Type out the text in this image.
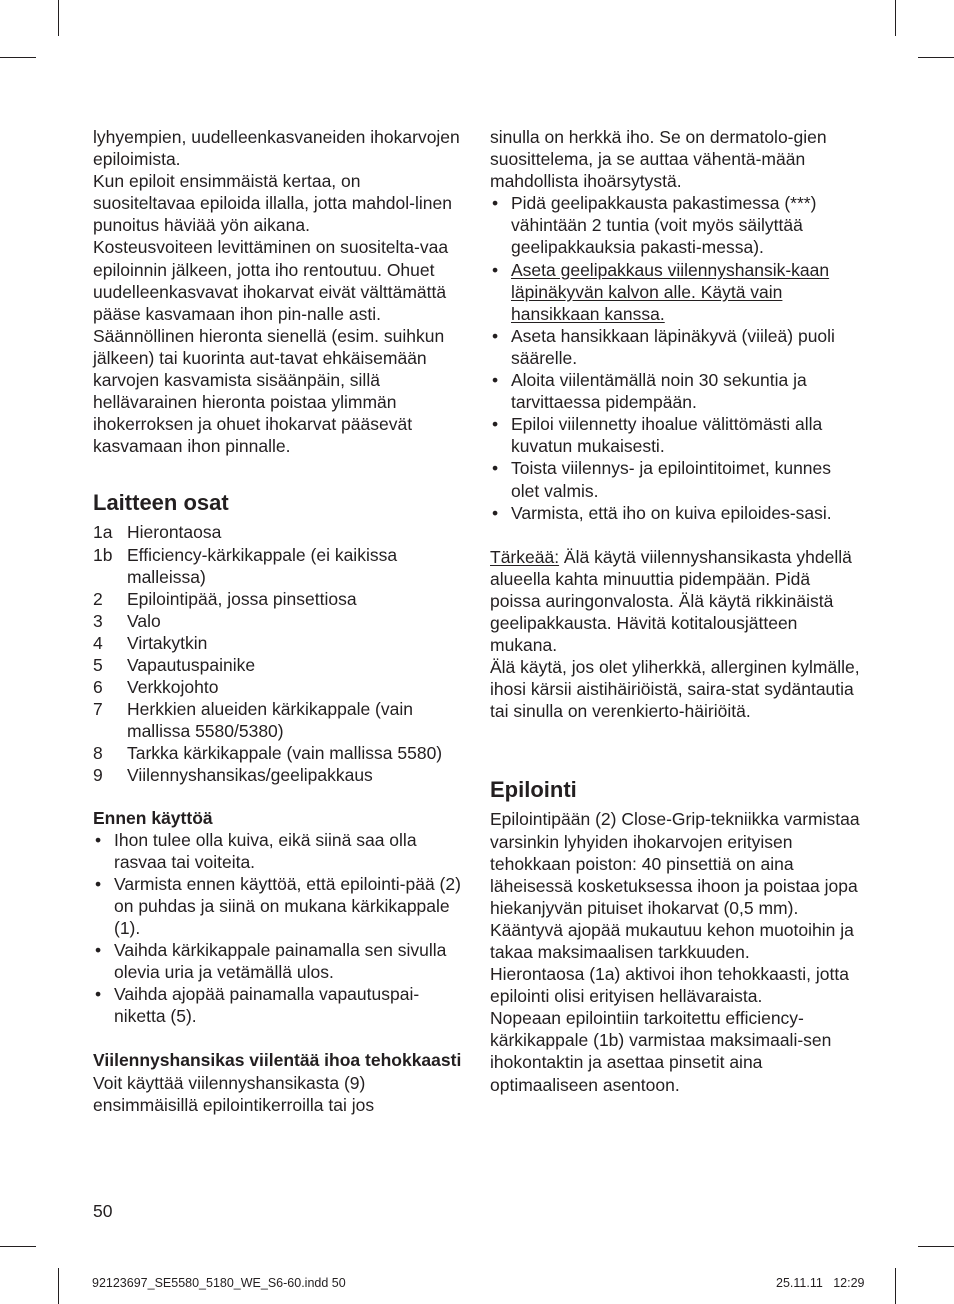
lyhyempien, uudelleenkasvaneiden ihokarvojen epiloimista.

Kun epiloit ensimmäistä kertaa, on suositeltavaa epiloida illalla, jotta mahdol-linen punoitus häviää yön aikana.

Kosteusvoiteen levittäminen on suositelta-vaa epiloinnin jälkeen, jotta iho rentoutuu. Ohuet uudelleenkasvavat ihokarvat eivät välttämättä pääse kasvamaan ihon pin-nalle asti. Säännöllinen hieronta sienellä (esim. suihkun jälkeen) tai kuorinta aut-tavat ehkäisemään karvojen kasvamista sisäänpäin, sillä hellävarainen hieronta poistaa ylimmän ihokerroksen ja ohuet ihokarvat pääsevät kasvamaan ihon pinnalle.

Laitteen osat
1a Hierontaosa
1b Efficiency-kärkikappale (ei kaikissa malleissa)
2	Epilointipää, jossa pinsettiosa
3	Valo
4	Virtakytkin
5	Vapautuspainike
6	Verkkojohto
7	Herkkien alueiden kärkikappale (vain mallissa 5580/5380)
8	Tarkka kärkikappale (vain mallissa 5580)
9	Viilennyshansikas/geelipakkaus
Ennen käyttöä
• Ihon tulee olla kuiva, eikä siinä saa olla rasvaa tai voiteita.
• Varmista ennen käyttöä, että epilointi-pää (2) on puhdas ja siinä on mukana kärkikappale (1).
• Vaihda kärkikappale painamalla sen sivulla olevia uria ja vetämällä ulos.
• Vaihda ajopää painamalla vapautuspai-niketta (5).
Viilennyshansikas viilentää ihoa tehokkaasti

Voit käyttää viilennyshansikasta (9) ensimmäisillä epilointikerroilla tai jos

sinulla on herkkä iho. Se on dermatolo-gien suosittelema, ja se auttaa vähentä-mään mahdollista ihoärsytystä.

• Pidä geelipakkausta pakastimessa (***) vähintään 2 tuntia (voit myös säilyttää geelipakkauksia pakasti-messa).
• Aseta geelipakkaus viilennyshansik-kaan läpinäkyvän kalvon alle. Käytä vain hansikkaan kanssa.
• Aseta hansikkaan läpinäkyvä (viileä) puoli säärelle.
• Aloita viilentämällä noin 30 sekuntia ja tarvittaessa pidempään.
• Epiloi viilennetty ihoalue välittömästi alla kuvatun mukaisesti.
• Toista viilennys- ja epilointitoimet, kunnes olet valmis.
• Varmista, että iho on kuiva epiloides-sasi.

Tärkeää: Älä käytä viilennyshansikasta yhdellä alueella kahta minuuttia pidempään. Pidä poissa auringonvalosta. Älä käytä rikkinäistä geelipakkausta. Hävitä kotitalousjätteen mukana.

Älä käytä, jos olet yliherkkä, allerginen kylmälle, ihosi kärsii aistihäiriöistä, saira-stat sydäntautia tai sinulla on verenkierto-häiriöitä.

Epilointi

Epilointipään (2) Close-Grip-tekniikka varmistaa varsinkin lyhyiden ihokarvojen erityisen tehokkaan poiston: 40 pinsettiä on aina läheisessä kosketuksessa ihoon ja poistaa jopa hiekanjyvän pituiset ihokarvat (0,5 mm). Kääntyvä ajopää mukautuu kehon muotoihin ja takaa maksimaalisen tarkkuuden.

Hierontaosa (1a) aktivoi ihon tehokkaasti, jotta epilointi olisi erityisen hellävaraista.

Nopeaan epilointiin tarkoitettu efficiency-kärkikappale (1b) varmistaa maksimaali-sen ihokontaktin ja asettaa pinsetit aina optimaaliseen asentoon.

50
92123697_SE5580_5180_WE_S6-60.indd 50	25.11.11   12:29
